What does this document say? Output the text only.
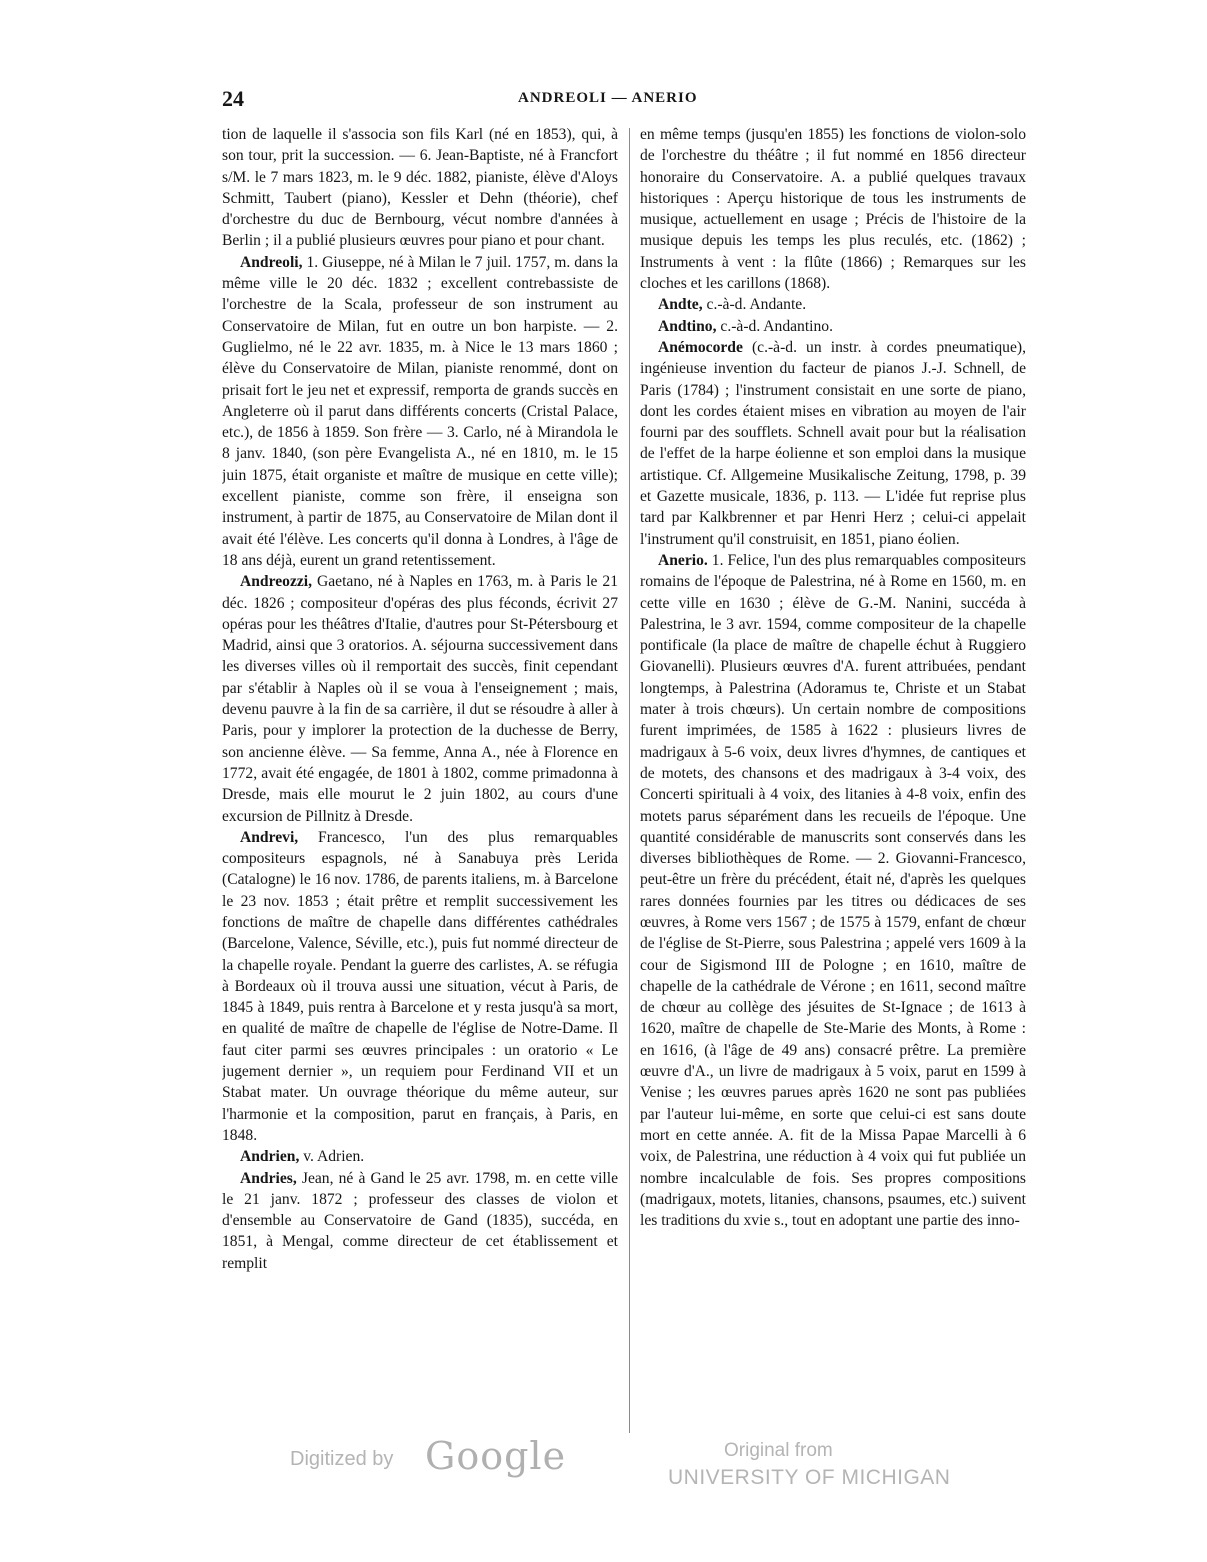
24	ANDREOLI — ANERIO

tion de laquelle il s'associa son fils Karl (né en 1853), qui, à son tour, prit la succession. — 6. Jean-Baptiste, né à Francfort s/M. le 7 mars 1823, m. le 9 déc. 1882, pianiste, élève d'Aloys Schmitt, Taubert (piano), Kessler et Dehn (théorie), chef d'orchestre du duc de Bernbourg, vécut nombre d'années à Berlin ; il a publié plusieurs œuvres pour piano et pour chant.

Andreoli, 1. Giuseppe, né à Milan le 7 juil. 1757, m. dans la même ville le 20 déc. 1832 ; excellent contrebassiste de l'orchestre de la Scala, professeur de son instrument au Conservatoire de Milan, fut en outre un bon harpiste. — 2. Guglielmo, né le 22 avr. 1835, m. à Nice le 13 mars 1860 ; élève du Conservatoire de Milan, pianiste renommé, dont on prisait fort le jeu net et expressif, remporta de grands succès en Angleterre où il parut dans différents concerts (Cristal Palace, etc.), de 1856 à 1859. Son frère — 3. Carlo, né à Mirandola le 8 janv. 1840, (son père Evangelista A., né en 1810, m. le 15 juin 1875, était organiste et maître de musique en cette ville); excellent pianiste, comme son frère, il enseigna son instrument, à partir de 1875, au Conservatoire de Milan dont il avait été l'élève. Les concerts qu'il donna à Londres, à l'âge de 18 ans déjà, eurent un grand retentissement.

Andreozzi, Gaetano, né à Naples en 1763, m. à Paris le 21 déc. 1826 ; compositeur d'opéras des plus féconds, écrivit 27 opéras pour les théâtres d'Italie, d'autres pour St-Pétersbourg et Madrid, ainsi que 3 oratorios. A. séjourna successivement dans les diverses villes où il remportait des succès, finit cependant par s'établir à Naples où il se voua à l'enseignement ; mais, devenu pauvre à la fin de sa carrière, il dut se résoudre à aller à Paris, pour y implorer la protection de la duchesse de Berry, son ancienne élève. — Sa femme, Anna A., née à Florence en 1772, avait été engagée, de 1801 à 1802, comme primadonna à Dresde, mais elle mourut le 2 juin 1802, au cours d'une excursion de Pillnitz à Dresde.

Andrevi, Francesco, l'un des plus remarquables compositeurs espagnols, né à Sanabuya près Lerida (Catalogne) le 16 nov. 1786, de parents italiens, m. à Barcelone le 23 nov. 1853 ; était prêtre et remplit successivement les fonctions de maître de chapelle dans différentes cathédrales (Barcelone, Valence, Séville, etc.), puis fut nommé directeur de la chapelle royale. Pendant la guerre des carlistes, A. se réfugia à Bordeaux où il trouva aussi une situation, vécut à Paris, de 1845 à 1849, puis rentra à Barcelone et y resta jusqu'à sa mort, en qualité de maître de chapelle de l'église de Notre-Dame. Il faut citer parmi ses œuvres principales : un oratorio « Le jugement dernier », un requiem pour Ferdinand VII et un Stabat mater. Un ouvrage théorique du même auteur, sur l'harmonie et la composition, parut en français, à Paris, en 1848.

Andrien, v. Adrien.

Andries, Jean, né à Gand le 25 avr. 1798, m. en cette ville le 21 janv. 1872 ; professeur des classes de violon et d'ensemble au Conservatoire de Gand (1835), succéda, en 1851, à Mengal, comme directeur de cet établissement et remplit

en même temps (jusqu'en 1855) les fonctions de violon-solo de l'orchestre du théâtre ; il fut nommé en 1856 directeur honoraire du Conservatoire. A. a publié quelques travaux historiques : Aperçu historique de tous les instruments de musique, actuellement en usage ; Précis de l'histoire de la musique depuis les temps les plus reculés, etc. (1862) ; Instruments à vent : la flûte (1866) ; Remarques sur les cloches et les carillons (1868).

Andte, c.-à-d. Andante.

Andtino, c.-à-d. Andantino.

Anémocorde (c.-à-d. un instr. à cordes pneumatique), ingénieuse invention du facteur de pianos J.-J. Schnell, de Paris (1784) ; l'instrument consistait en une sorte de piano, dont les cordes étaient mises en vibration au moyen de l'air fourni par des soufflets. Schnell avait pour but la réalisation de l'effet de la harpe éolienne et son emploi dans la musique artistique. Cf. Allgemeine Musikalische Zeitung, 1798, p. 39 et Gazette musicale, 1836, p. 113. — L'idée fut reprise plus tard par Kalkbrenner et par Henri Herz ; celui-ci appelait l'instrument qu'il construisit, en 1851, piano éolien.

Anerio. 1. Felice, l'un des plus remarquables compositeurs romains de l'époque de Palestrina, né à Rome en 1560, m. en cette ville en 1630 ; élève de G.-M. Nanini, succéda à Palestrina, le 3 avr. 1594, comme compositeur de la chapelle pontificale (la place de maître de chapelle échut à Ruggiero Giovanelli). Plusieurs œuvres d'A. furent attribuées, pendant longtemps, à Palestrina (Adoramus te, Christe et un Stabat mater à trois chœurs). Un certain nombre de compositions furent imprimées, de 1585 à 1622 : plusieurs livres de madrigaux à 5-6 voix, deux livres d'hymnes, de cantiques et de motets, des chansons et des madrigaux à 3-4 voix, des Concerti spirituali à 4 voix, des litanies à 4-8 voix, enfin des motets parus séparément dans les recueils de l'époque. Une quantité considérable de manuscrits sont conservés dans les diverses bibliothèques de Rome. — 2. Giovanni-Francesco, peut-être un frère du précédent, était né, d'après les quelques rares données fournies par les titres ou dédicaces de ses œuvres, à Rome vers 1567 ; de 1575 à 1579, enfant de chœur de l'église de St-Pierre, sous Palestrina ; appelé vers 1609 à la cour de Sigismond III de Pologne ; en 1610, maître de chapelle de la cathédrale de Vérone ; en 1611, second maître de chœur au collège des jésuites de St-Ignace ; de 1613 à 1620, maître de chapelle de Ste-Marie des Monts, à Rome : en 1616, (à l'âge de 49 ans) consacré prêtre. La première œuvre d'A., un livre de madrigaux à 5 voix, parut en 1599 à Venise ; les œuvres parues après 1620 ne sont pas publiées par l'auteur lui-même, en sorte que celui-ci est sans doute mort en cette année. A. fit de la Missa Papae Marcelli à 6 voix, de Palestrina, une réduction à 4 voix qui fut publiée un nombre incalculable de fois. Ses propres compositions (madrigaux, motets, litanies, chansons, psaumes, etc.) suivent les traditions du xvie s., tout en adoptant une partie des inno-

Digitized by Google	Original from
UNIVERSITY OF MICHIGAN
